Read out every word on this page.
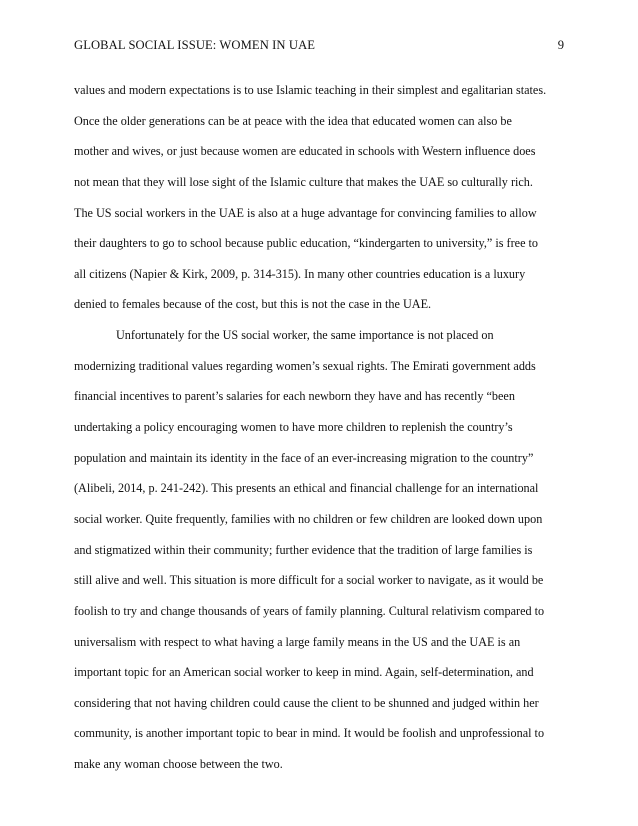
GLOBAL SOCIAL ISSUE: WOMEN IN UAE	9
values and modern expectations is to use Islamic teaching in their simplest and egalitarian states.
Once the older generations can be at peace with the idea that educated women can also be
mother and wives, or just because women are educated in schools with Western influence does
not mean that they will lose sight of the Islamic culture that makes the UAE so culturally rich.
The US social workers in the UAE is also at a huge advantage for convincing families to allow
their daughters to go to school because public education, “kindergarten to university,” is free to
all citizens (Napier & Kirk, 2009, p. 314-315). In many other countries education is a luxury
denied to females because of the cost, but this is not the case in the UAE.
Unfortunately for the US social worker, the same importance is not placed on
modernizing traditional values regarding women’s sexual rights. The Emirati government adds
financial incentives to parent’s salaries for each newborn they have and has recently “been
undertaking a policy encouraging women to have more children to replenish the country’s
population and maintain its identity in the face of an ever-increasing migration to the country”
(Alibeli, 2014, p. 241-242). This presents an ethical and financial challenge for an international
social worker. Quite frequently, families with no children or few children are looked down upon
and stigmatized within their community; further evidence that the tradition of large families is
still alive and well. This situation is more difficult for a social worker to navigate, as it would be
foolish to try and change thousands of years of family planning. Cultural relativism compared to
universalism with respect to what having a large family means in the US and the UAE is an
important topic for an American social worker to keep in mind. Again, self-determination, and
considering that not having children could cause the client to be shunned and judged within her
community, is another important topic to bear in mind. It would be foolish and unprofessional to
make any woman choose between the two.
